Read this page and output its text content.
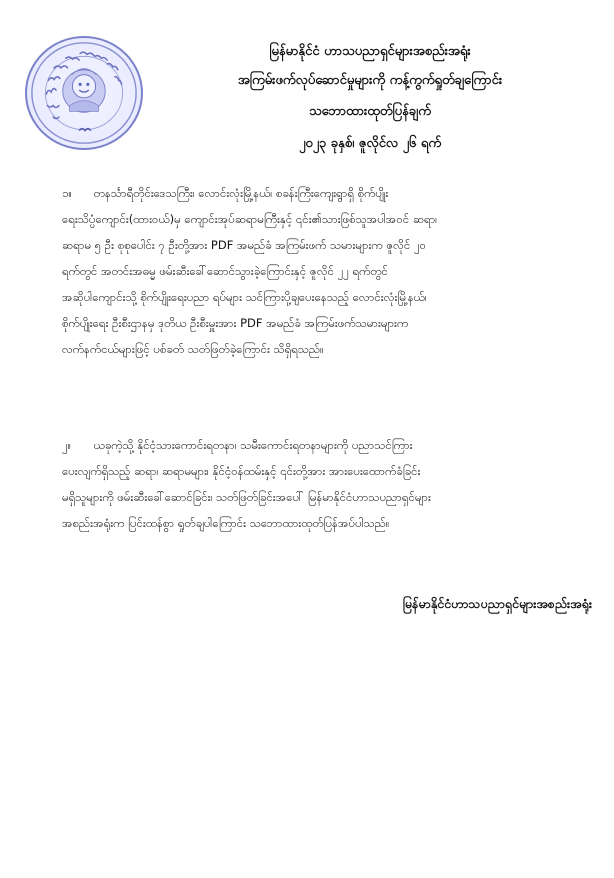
မြန်မာနိုင်ငံ ဟာသပညာရှင်များအစည်းအရုံး
အကြမ်းဖက်လုပ်ဆောင်မှုများကို ကန့်ကွက်ရှုတ်ချကြောင်း
သဘောထားထုတ်ပြန်ချက်
၂၀၂၃ ခုနှစ်၊ ဇူလိုင်လ ၂၆ ရက်
၁။ တနင်္သာရီတိုင်းဒေသကြီး၊ လောင်းလုံးမြို့နယ်၊ စခန်းကြီးကျေးရွာရှိ စိုက်ပျိုး
ရေးသိပ္ပံကျောင်း(ထားဝယ်)မှ ကျောင်းအုပ်ဆရာမကြီးနှင့် ၎င်း၏သားဖြစ်သူအပါအဝင် ဆရာ၊
ဆရာမ ၅ ဦး စုစုပေါင်း ၇ ဦးတို့အား PDF အမည်ခံ အကြမ်းဖက် သမားများက ဇူလိုင် ၂၀
ရက်တွင် အတင်းအဓမ္မ ဖမ်းဆီးခေါ်ဆောင်သွားခဲ့ကြောင်းနှင့် ဇူလိုင် ၂၂ ရက်တွင်
အဆိုပါကျောင်းသို့ စိုက်ပျိုးရေးပညာ ရပ်များ သင်ကြားပို့ချပေးနေသည့် လောင်းလုံးမြို့နယ်၊
စိုက်ပျိုးရေး ဦးစီးဌာနမှ ဒုတိယ ဦးစီးမှူးအား PDF အမည်ခံ အကြမ်းဖက်သမားများက
လက်နက်ငယ်များဖြင့် ပစ်ခတ် သတ်ဖြတ်ခဲ့ကြောင်း သိရှိရသည်။
၂။ ယခုကဲ့သို့ နိုင်ငံ့သားကောင်းရတနာ၊ သမီးကောင်းရတနာများကို ပညာသင်ကြား
ပေးလျက်ရှိသည့် ဆရာ၊ ဆရာမများ၊ နိုင်ငံ့ဝန်ထမ်းနှင့် ၎င်းတို့အား အားပေးထောက်ခံခြင်း
မရှိသူများကို ဖမ်းဆီးခေါ်ဆောင်ခြင်း၊ သတ်ဖြတ်ခြင်းအပေါ် မြန်မာနိုင်ငံဟာသပညာရှင်များ
အစည်းအရုံးက ပြင်းထန်စွာ ရှုတ်ချပါကြောင်း သဘောထားထုတ်ပြန်အပ်ပါသည်။
မြန်မာနိုင်ငံဟာသပညာရှင်များအစည်းအရုံး
